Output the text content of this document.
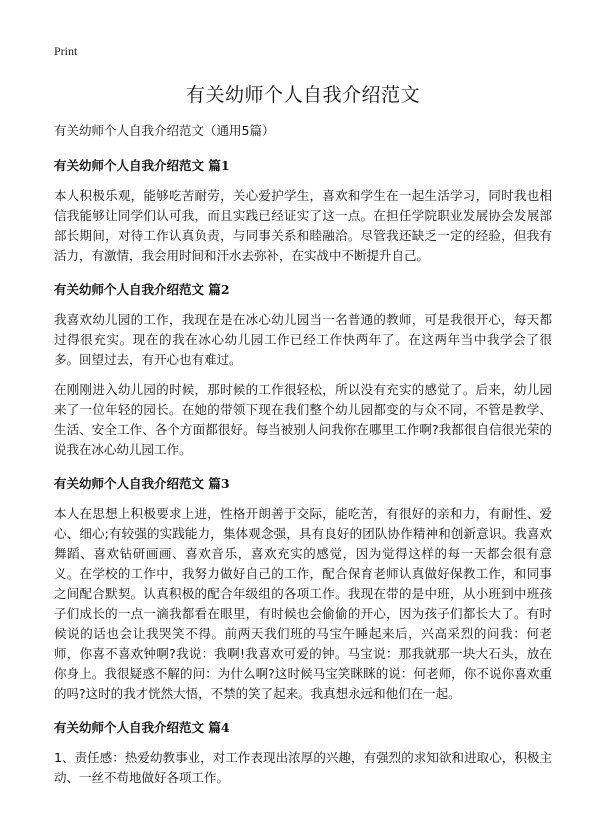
Print
有关幼师个人自我介绍范文

有关幼师个人自我介绍范文（通用5篇）

有关幼师个人自我介绍范文 篇1

本人积极乐观，能够吃苦耐劳，关心爱护学生，喜欢和学生在一起生活学习，同时我也相信我能够让同学们认可我，而且实践已经证实了这一点。在担任学院职业发展协会发展部部长期间，对待工作认真负责，与同事关系和睦融洽。尽管我还缺乏一定的经验，但我有活力，有激情，我会用时间和汗水去弥补，在实战中不断提升自己。

有关幼师个人自我介绍范文 篇2

我喜欢幼儿园的工作，我现在是在冰心幼儿园当一名普通的教师，可是我很开心，每天都过得很充实。现在的我在冰心幼儿园工作已经工作快两年了。在这两年当中我学会了很多。回望过去，有开心也有难过。

在刚刚进入幼儿园的时候，那时候的工作很轻松，所以没有充实的感觉了。后来，幼儿园来了一位年轻的园长。在她的带领下现在我们整个幼儿园都变的与众不同，不管是教学、生活、安全工作、各个方面都很好。每当被别人问我你在哪里工作啊?我都很自信很光荣的说我在冰心幼儿园工作。

有关幼师个人自我介绍范文 篇3

本人在思想上积极要求上进，性格开朗善于交际，能吃苦，有很好的亲和力，有耐性、爱心、细心;有较强的实践能力，集体观念强，具有良好的团队协作精神和创新意识。我喜欢舞蹈、喜欢钻研画画、喜欢音乐，喜欢充实的感觉，因为觉得这样的每一天都会很有意义。在学校的工作中，我努力做好自己的工作，配合保育老师认真做好保教工作，和同事之间配合默契。认真积极的配合年级组的各项工作。我现在带的是中班，从小班到中班孩子们成长的一点一滴我都看在眼里，有时候也会偷偷的开心，因为孩子们都长大了。有时候说的话也会让我哭笑不得。前两天我们班的马宝午睡起来后，兴高采烈的问我：何老师，你喜不喜欢钟啊?我说：我啊!我喜欢可爱的钟。马宝说：那我就那一块大石头，放在你身上。我很疑惑不解的问：为什么啊?这时候马宝笑眯眯的说：何老师，你不说你喜欢重的吗?这时的我才恍然大悟，不禁的笑了起来。我真想永远和他们在一起。

有关幼师个人自我介绍范文 篇4

1、责任感：热爱幼教事业，对工作表现出浓厚的兴趣，有强烈的求知欲和进取心，积极主动、一丝不苟地做好各项工作。
